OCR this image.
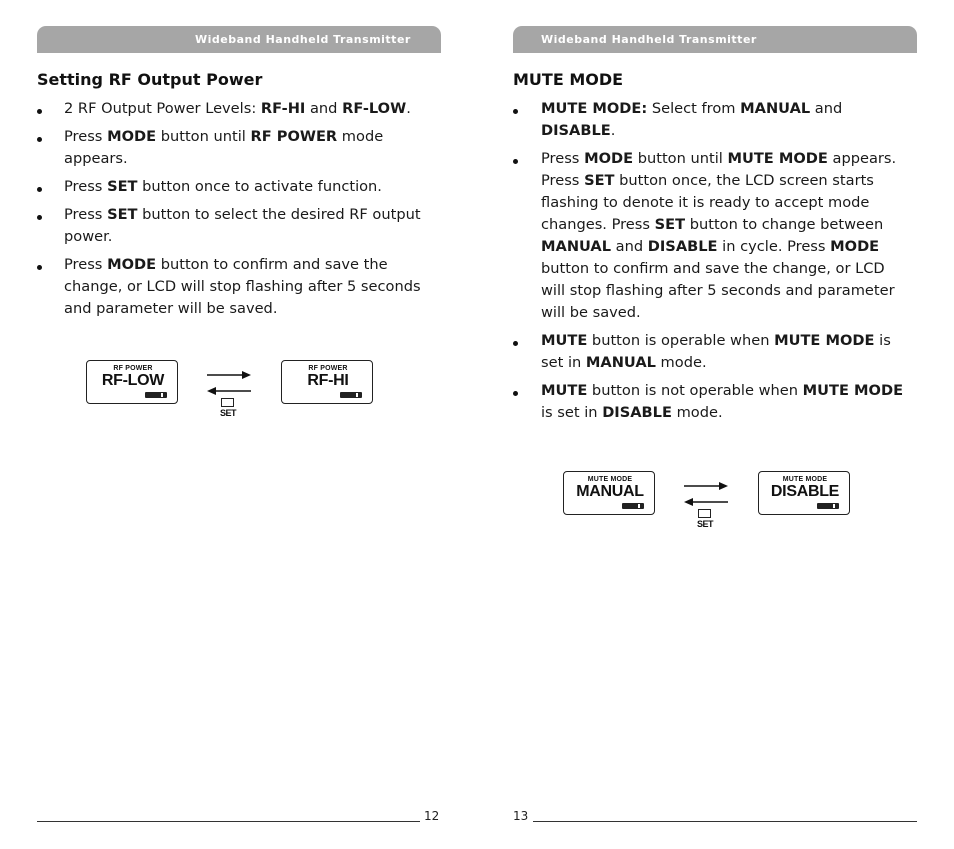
Wideband Handheld Transmitter
Setting RF Output Power
2 RF Output Power Levels: RF-HI and RF-LOW.
Press MODE button until RF POWER mode appears.
Press SET button once to activate function.
Press SET button to select the desired RF output power.
Press MODE button to confirm and save the change, or LCD will stop flashing after 5 seconds and parameter will be saved.
RF POWER
RF-LOW
SET
RF POWER
RF-HI
12
Wideband Handheld Transmitter
MUTE MODE
MUTE MODE: Select from MANUAL and DISABLE.
Press MODE button until MUTE MODE appears. Press SET button once, the LCD screen starts flashing to denote it is ready to accept mode changes. Press SET button to change between MANUAL and DISABLE in cycle. Press MODE button to confirm and save the change, or LCD will stop flashing after 5 seconds and parameter will be saved.
MUTE button is operable when MUTE MODE is set in MANUAL mode.
MUTE button is not operable when MUTE MODE is set in DISABLE mode.
MUTE MODE
MANUAL
SET
MUTE MODE
DISABLE
13
